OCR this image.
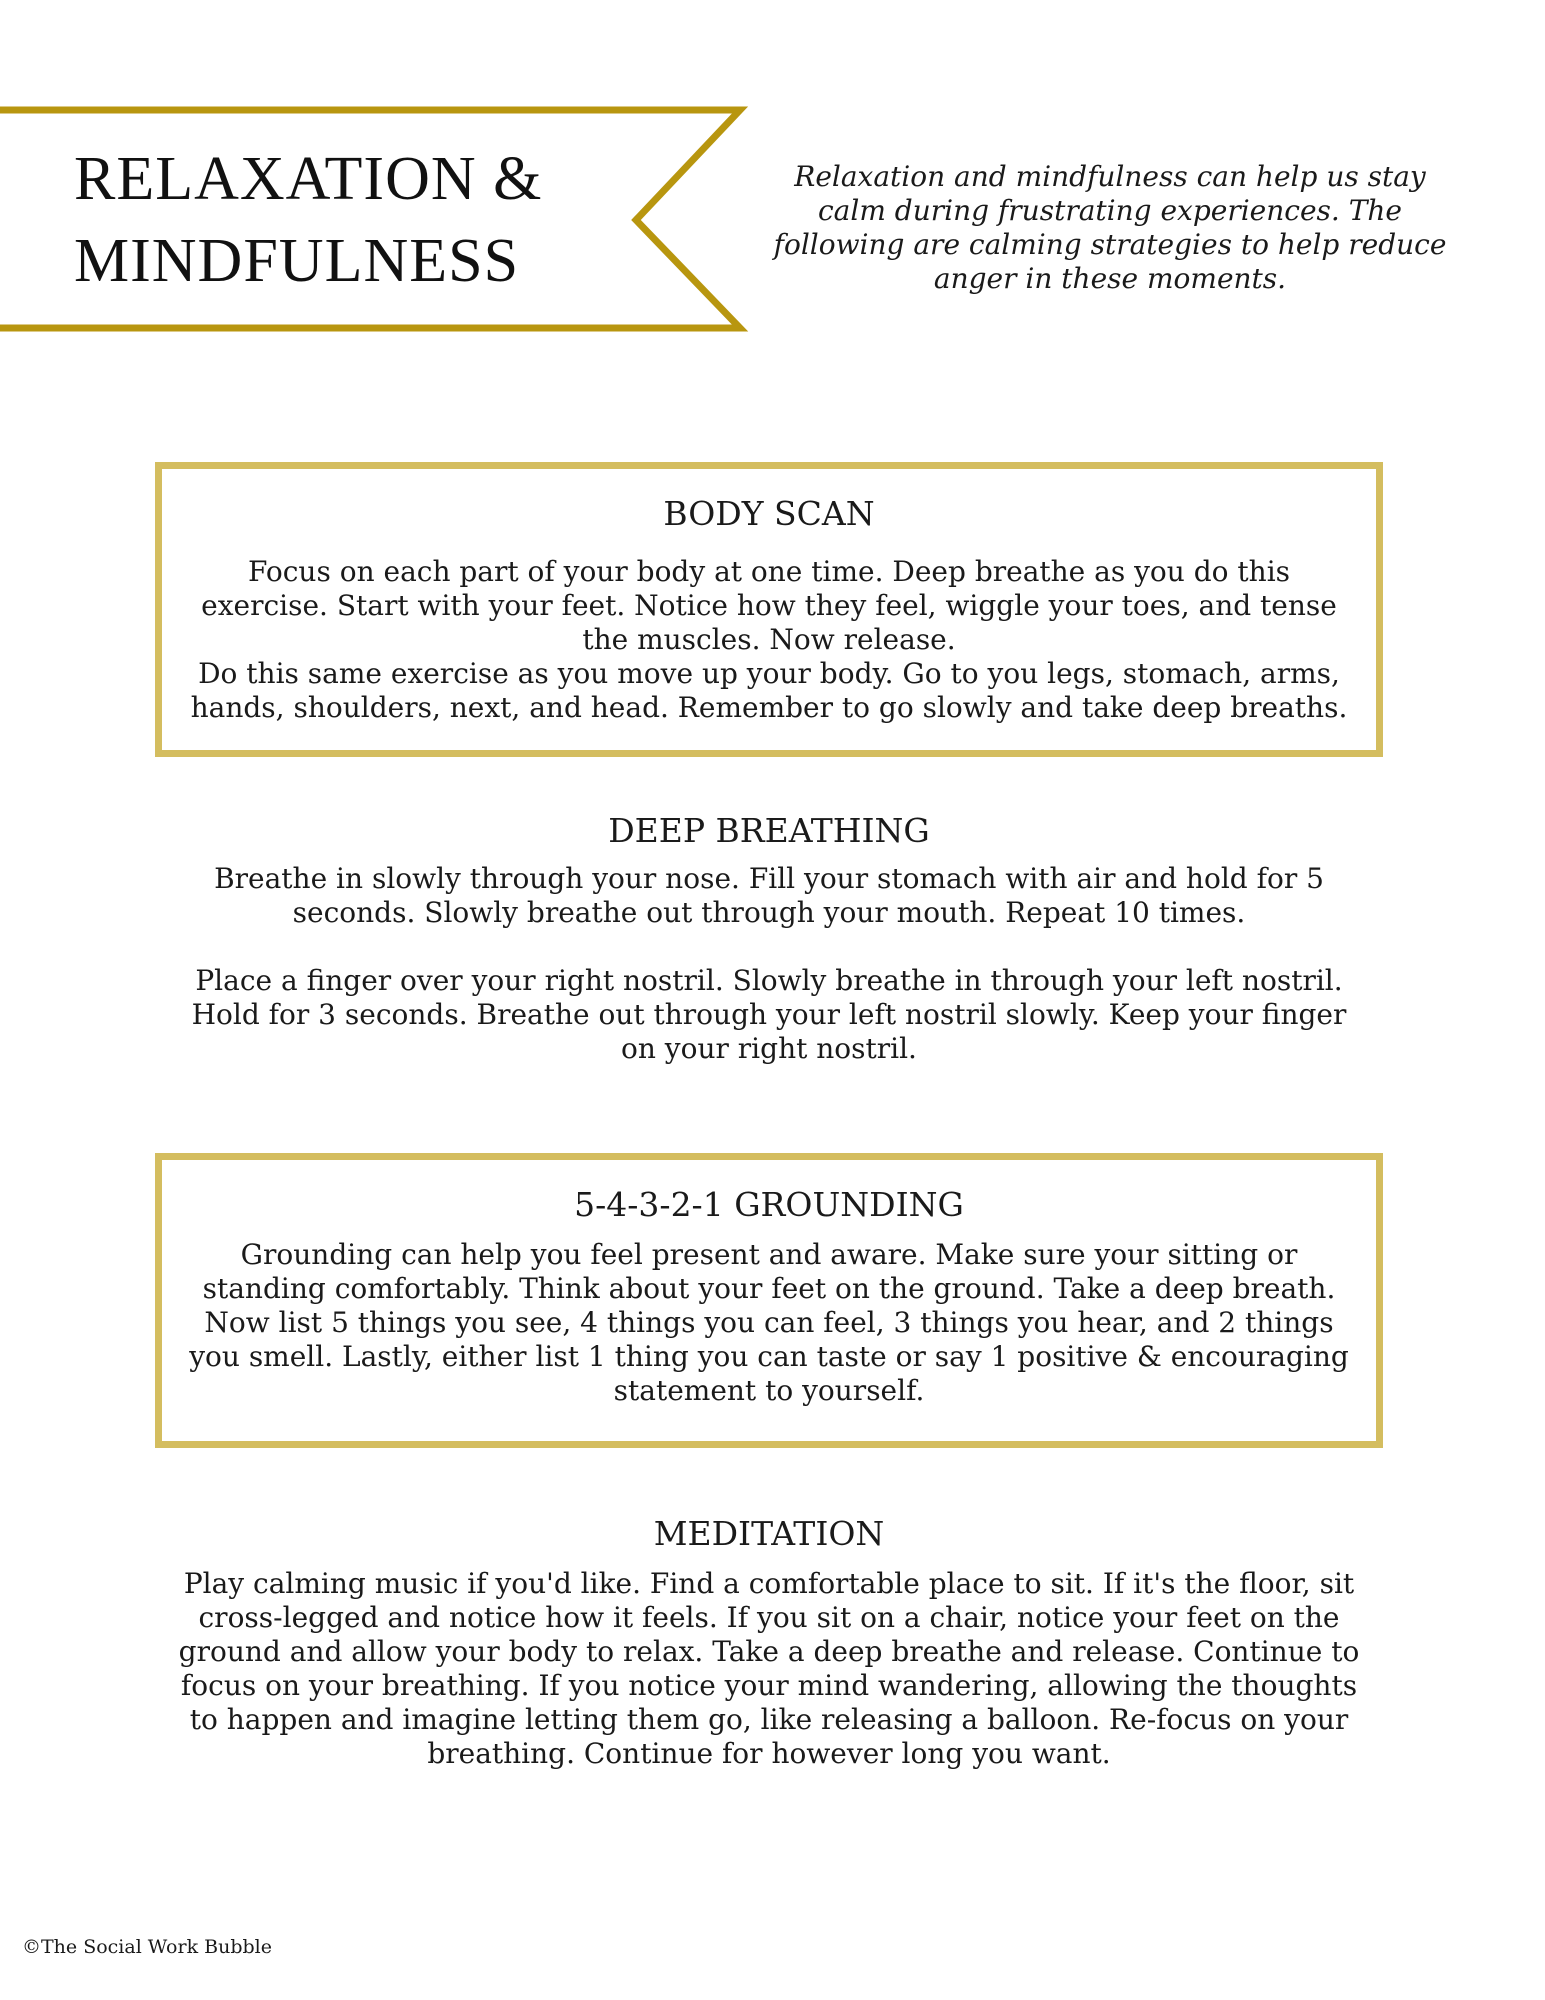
RELAXATION &
MINDFULNESS

Relaxation and mindfulness can help us stay calm during frustrating experiences. The following are calming strategies to help reduce anger in these moments.

BODY SCAN

Focus on each part of your body at one time. Deep breathe as you do this exercise. Start with your feet. Notice how they feel, wiggle your toes, and tense the muscles. Now release.

Do this same exercise as you move up your body. Go to you legs, stomach, arms, hands, shoulders, next, and head. Remember to go slowly and take deep breaths.

DEEP BREATHING

Breathe in slowly through your nose. Fill your stomach with air and hold for 5 seconds. Slowly breathe out through your mouth. Repeat 10 times.

Place a finger over your right nostril. Slowly breathe in through your left nostril. Hold for 3 seconds. Breathe out through your left nostril slowly. Keep your finger on your right nostril.

5-4-3-2-1 GROUNDING

Grounding can help you feel present and aware. Make sure your sitting or standing comfortably. Think about your feet on the ground. Take a deep breath. Now list 5 things you see, 4 things you can feel, 3 things you hear, and 2 things you smell. Lastly, either list 1 thing you can taste or say 1 positive & encouraging statement to yourself.

MEDITATION

Play calming music if you'd like. Find a comfortable place to sit. If it's the floor, sit cross-legged and notice how it feels. If you sit on a chair, notice your feet on the ground and allow your body to relax. Take a deep breathe and release. Continue to focus on your breathing. If you notice your mind wandering, allowing the thoughts to happen and imagine letting them go, like releasing a balloon. Re-focus on your breathing. Continue for however long you want.

©The Social Work Bubble
